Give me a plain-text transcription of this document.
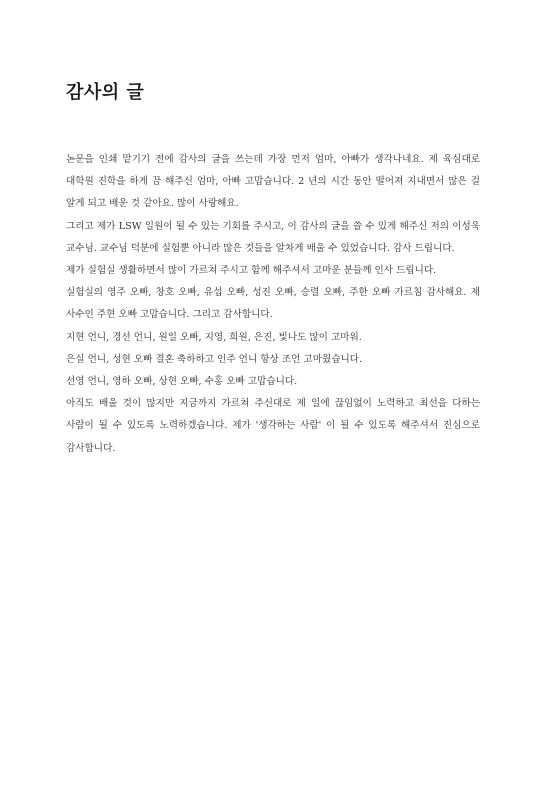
감사의 글

논문을 인쇄 맡기기 전에 감사의 글을 쓰는데 가장 먼저 엄마, 아빠가 생각나네요. 제 육심대로 대학원 진학을 하게 끔 해주신 엄마, 아빠 고맙습니다. 2 년의 시간 동안 떨어져 지내면서 많은 걸 알게 되고 배운 것 같아요. 많이 사랑해요.

그리고 제가 LSW 일원이 될 수 있는 기회를 주시고, 이 감사의 글을 쓸 수 있게 해주신 저의 이성욱 교수님. 교수님 덕분에 실험뿐 아니라 많은 것들을 알차게 배울 수 있었습니다. 감사 드립니다.

제가 실험실 생활하면서 많이 가르쳐 주시고 함께 해주셔서 고마운 분들께 인사 드립니다.

실험실의 영주 오빠, 창호 오빠, 유섭 오빠, 성진 오빠, 승렬 오빠, 주한 오빠 가르침 감사해요. 제 사수인 주현 오빠 고맙습니다. 그리고 감사합니다.

지현 언니, 경선 언니, 원일 오빠, 지영, 희원, 은진, 빛나도 많이 고마워.

은실 언니, 성현 오빠 결혼 축하하고 인주 언니 항상 조언 고마웠습니다.

선영 언니, 영하 오빠, 상현 오빠, 수홍 오빠 고맙습니다.

아직도 배울 것이 많지만 지금까지 가르쳐 주신대로 제 일에 끊임없이 노력하고 최선을 다하는 사람이 될 수 있도록 노력하겠습니다. 제가 '생각하는 사람' 이 될 수 있도록 해주셔서 진심으로 감사합니다.
